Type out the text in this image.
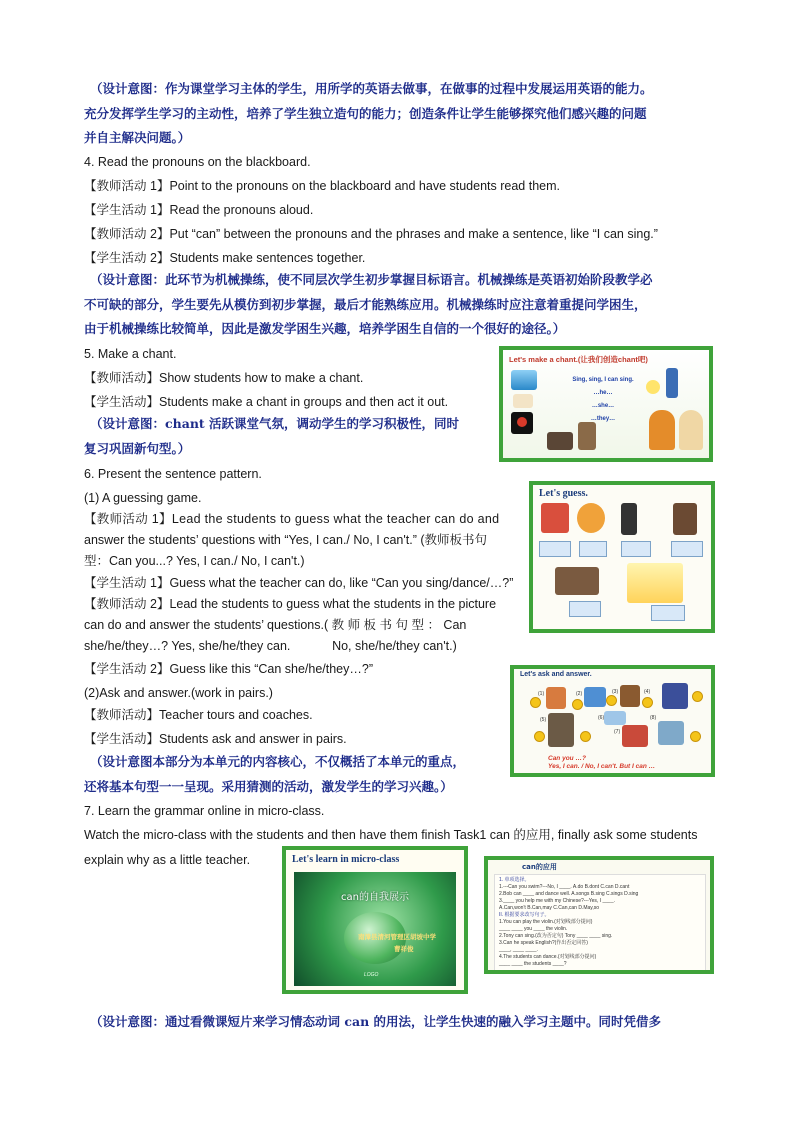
（设计意图：作为课堂学习主体的学生，用所学的英语去做事，在做事的过程中发展运用英语的能力。
充分发挥学生学习的主动性，培养了学生独立造句的能力；创造条件让学生能够探究他们感兴趣的问题
并自主解决问题。）
4. Read the pronouns on the blackboard.
【教师活动 1】Point to the pronouns on the blackboard and have students read them.
【学生活动 1】Read the pronouns aloud.
【教师活动 2】Put “can” between the pronouns and the phrases and make a sentence, like “I can sing.”
【学生活动 2】Students make sentences together.
（设计意图：此环节为机械操练，使不同层次学生初步掌握目标语言。机械操练是英语初始阶段教学必
不可缺的部分，学生要先从模仿到初步掌握，最后才能熟练应用。机械操练时应注意着重提问学困生，
由于机械操练比较简单，因此是激发学困生兴趣，培养学困生自信的一个很好的途径。）
5. Make a chant.
【教师活动】Show students how to make a chant.
【学生活动】Students make a chant in groups and then act it out.
（设计意图：chant 活跃课堂气氛，调动学生的学习积极性，同时
复习巩固新句型。）
Let's make a chant.(让我们创造chant吧)
Sing, sing, I can sing.
…he…
…she…
…they…
6. Present the sentence pattern.
(1) A guessing game.
【教师活动 1】Lead the students to guess what the teacher can do and
answer the students’ questions with “Yes, I can./ No, I can't.” (教师板书句
型：Can you...? Yes, I can./ No, I can't.)
【学生活动 1】Guess what the teacher can do, like “Can you sing/dance/…?”
【教师活动 2】Lead the students to guess what the students in the picture
can do and answer the students’ questions.( 教 师 板 书 句 型 ： Can
she/he/they…? Yes, she/he/they can.            No, she/he/they can't.)
【学生活动 2】Guess like this “Can she/he/they…?”
(2)Ask and answer.(work in pairs.)
【教师活动】Teacher tours and coaches.
【学生活动】Students ask and answer in pairs.
Let's guess.
Let's ask and answer.
(1)	(2)	(3)	(4)
(5)	(6)
(7)
(8)
Can you …?
Yes, I can. / No, I can't. But I can …
（设计意图本部分为本单元的内容核心，不仅概括了本单元的重点，
还将基本句型一一呈现。采用猜测的活动，激发学生的学习兴趣。）
7. Learn the grammar online in micro-class.
Watch the micro-class with the students and then have them finish Task1 can 的应用, finally ask some students
explain why as a little teacher.	Let's learn in micro-class
can的自我展示
南漳县清河管理区胡坡中学
曹祥俊
LOGO
can的应用
1. 单项选择。
1.---Can you swim?---No, I ____. A.do B.dont C.can D.cant
2.Bob can ____ and dance well. A.songs B.sing C.sings D.sing
3.____ you help me with my Chinese?---Yes, I ____.
A.Can,won't B.Can,may C.Can,can D.May,so
II. 根据要求改写句子。
1.You can play the violin.(对划线部分提问)
____ ____ you ____ the violin.
2.Tony can sing.(改为否定句) Tony ____ ____ sing.
3.Can he speak English?(作出否定回答)
____, ____ ____.
4.The students can dance.(对划线部分提问)
____ ____ the students ____?
（设计意图：通过看微课短片来学习情态动词 can 的用法，让学生快速的融入学习主题中。同时凭借多
